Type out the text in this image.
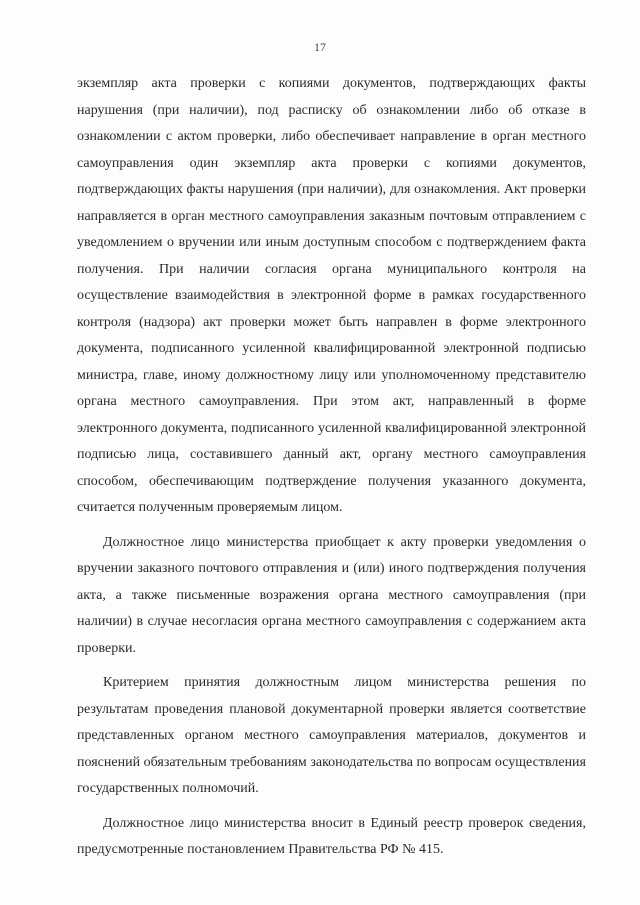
17

экземпляр акта проверки с копиями документов, подтверждающих факты нарушения (при наличии), под расписку об ознакомлении либо об отказе в ознакомлении с актом проверки, либо обеспечивает направление в орган местного самоуправления один экземпляр акта проверки с копиями документов, подтверждающих факты нарушения (при наличии), для ознакомления. Акт проверки направляется в орган местного самоуправления заказным почтовым отправлением с уведомлением о вручении или иным доступным способом с подтверждением факта получения. При наличии согласия органа муниципального контроля на осуществление взаимодействия в электронной форме в рамках государственного контроля (надзора) акт проверки может быть направлен в форме электронного документа, подписанного усиленной квалифицированной электронной подписью министра, главе, иному должностному лицу или уполномоченному представителю органа местного самоуправления. При этом акт, направленный в форме электронного документа, подписанного усиленной квалифицированной электронной подписью лица, составившего данный акт, органу местного самоуправления способом, обеспечивающим подтверждение получения указанного документа, считается полученным проверяемым лицом.

Должностное лицо министерства приобщает к акту проверки уведомления о вручении заказного почтового отправления и (или) иного подтверждения получения акта, а также письменные возражения органа местного самоуправления (при наличии) в случае несогласия органа местного самоуправления с содержанием акта проверки.

Критерием принятия должностным лицом министерства решения по результатам проведения плановой документарной проверки является соответствие представленных органом местного самоуправления материалов, документов и пояснений обязательным требованиям законодательства по вопросам осуществления государственных полномочий.

Должностное лицо министерства вносит в Единый реестр проверок сведения, предусмотренные постановлением Правительства РФ № 415.
